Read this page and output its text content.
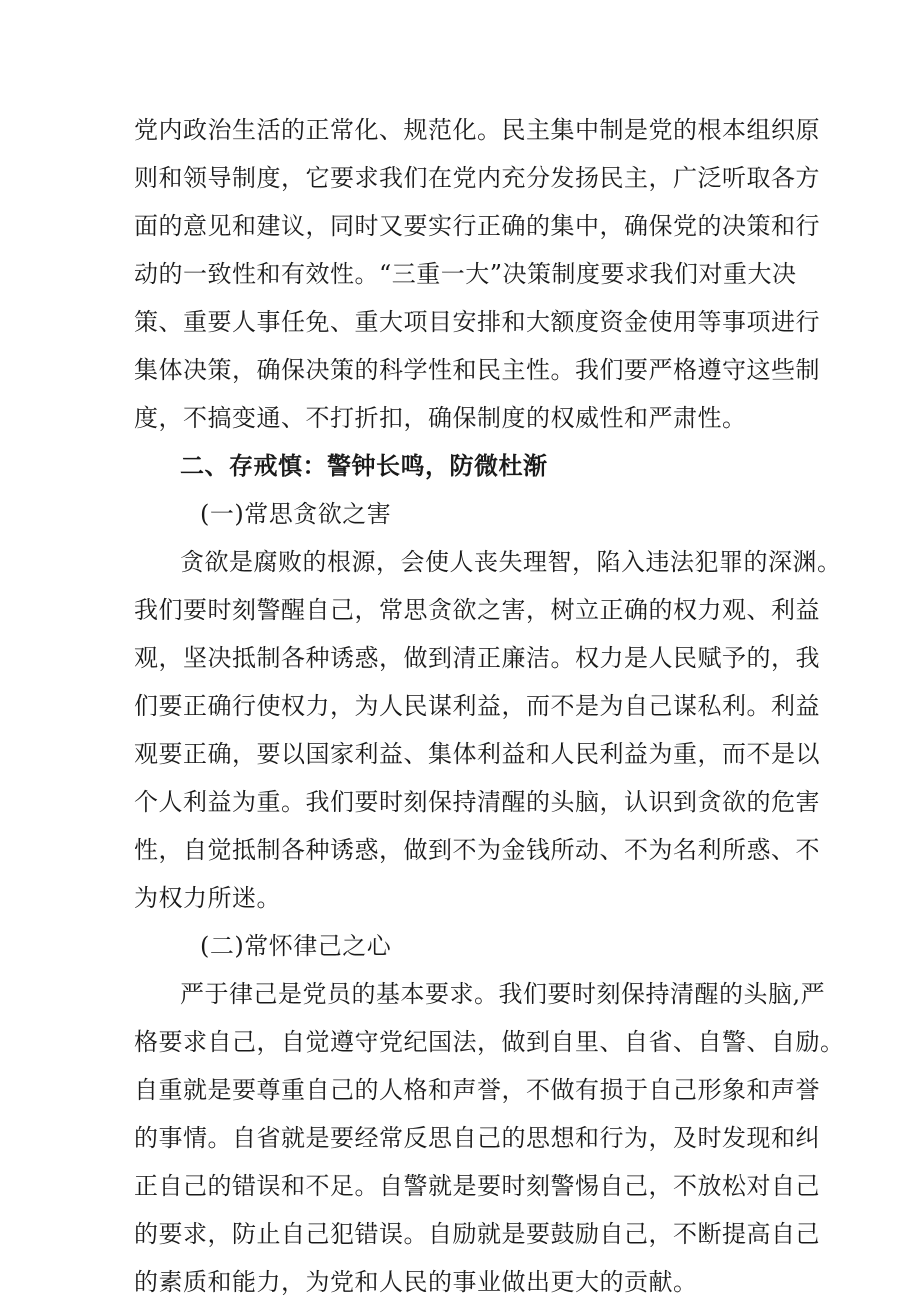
党内政治生活的正常化、规范化。民主集中制是党的根本组织原
则和领导制度，它要求我们在党内充分发扬民主，广泛听取各方
面的意见和建议，同时又要实行正确的集中，确保党的决策和行
动的一致性和有效性。“三重一大”决策制度要求我们对重大决
策、重要人事任免、重大项目安排和大额度资金使用等事项进行
集体决策，确保决策的科学性和民主性。我们要严格遵守这些制
度，不搞变通、不打折扣，确保制度的权威性和严肃性。
二、存戒慎：警钟长鸣，防微杜渐
(一)常思贪欲之害
贪欲是腐败的根源，会使人丧失理智，陷入违法犯罪的深渊。
我们要时刻警醒自己，常思贪欲之害，树立正确的权力观、利益
观，坚决抵制各种诱惑，做到清正廉洁。权力是人民赋予的，我
们要正确行使权力，为人民谋利益，而不是为自己谋私利。利益
观要正确，要以国家利益、集体利益和人民利益为重，而不是以
个人利益为重。我们要时刻保持清醒的头脑，认识到贪欲的危害
性，自觉抵制各种诱惑，做到不为金钱所动、不为名利所惑、不
为权力所迷。
(二)常怀律己之心
严于律己是党员的基本要求。我们要时刻保持清醒的头脑,严
格要求自己，自觉遵守党纪国法，做到自里、自省、自警、自励。
自重就是要尊重自己的人格和声誉，不做有损于自己形象和声誉
的事情。自省就是要经常反思自己的思想和行为，及时发现和纠
正自己的错误和不足。自警就是要时刻警惕自己，不放松对自己
的要求，防止自己犯错误。自励就是要鼓励自己，不断提高自己
的素质和能力，为党和人民的事业做出更大的贡献。
